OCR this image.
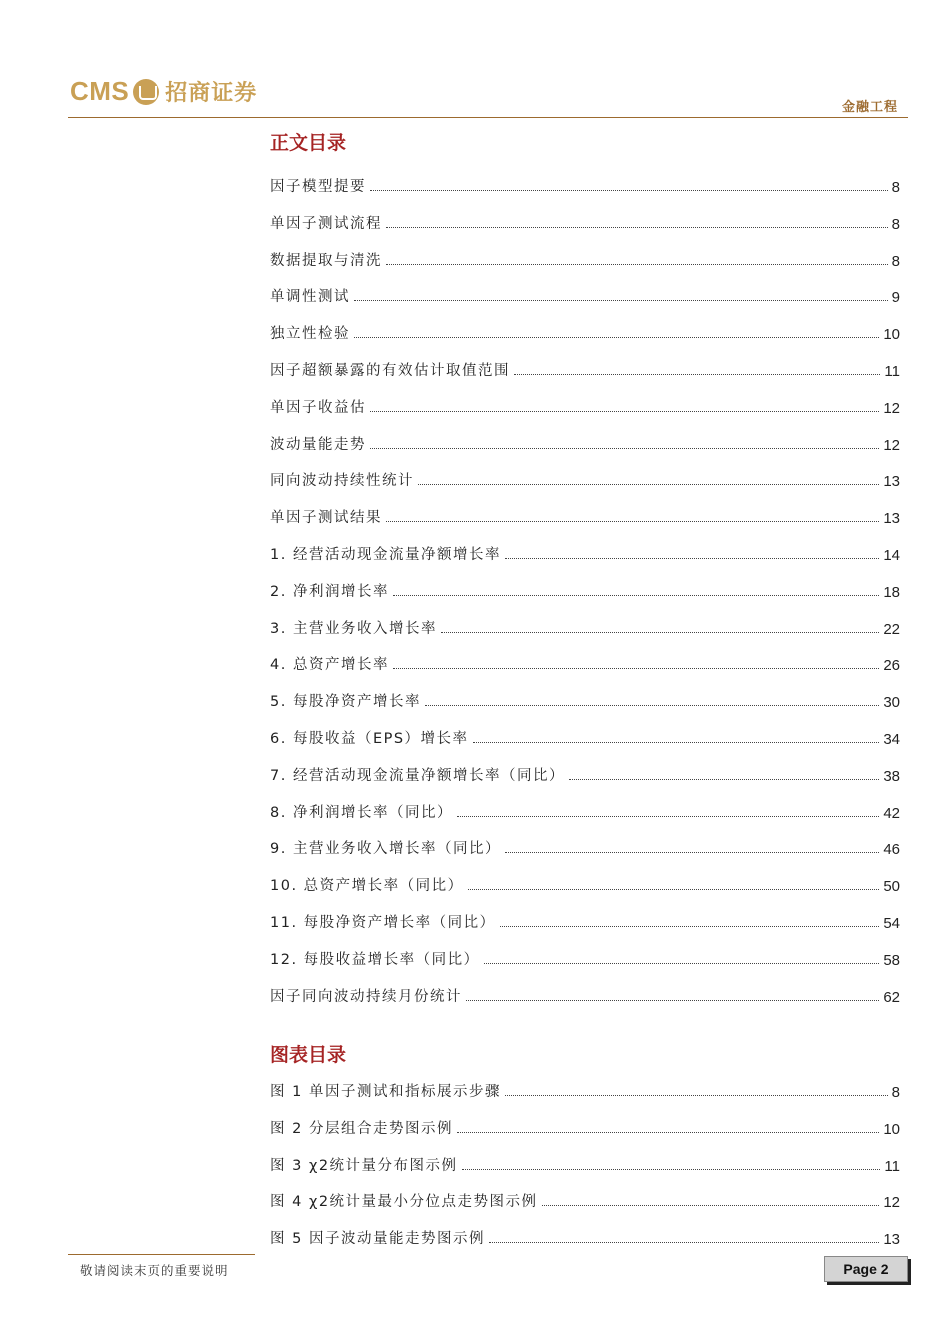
CMS 招商证券
金融工程
正文目录
因子模型提要	8
单因子测试流程	8
数据提取与清洗	8
单调性测试	9
独立性检验	10
因子超额暴露的有效估计取值范围	11
单因子收益估	12
波动量能走势	12
同向波动持续性统计	13
单因子测试结果	13
1. 经营活动现金流量净额增长率	14
2. 净利润增长率	18
3. 主营业务收入增长率	22
4. 总资产增长率	26
5. 每股净资产增长率	30
6. 每股收益（EPS）增长率	34
7. 经营活动现金流量净额增长率（同比）	38
8. 净利润增长率（同比）	42
9. 主营业务收入增长率（同比）	46
10. 总资产增长率（同比）	50
11. 每股净资产增长率（同比）	54
12. 每股收益增长率（同比）	58
因子同向波动持续月份统计	62
图表目录
图 1 单因子测试和指标展示步骤	8
图 2 分层组合走势图示例	10
图 3 χ2统计量分布图示例	11
图 4 χ2统计量最小分位点走势图示例	12
图 5 因子波动量能走势图示例	13
敬请阅读末页的重要说明	Page 2
